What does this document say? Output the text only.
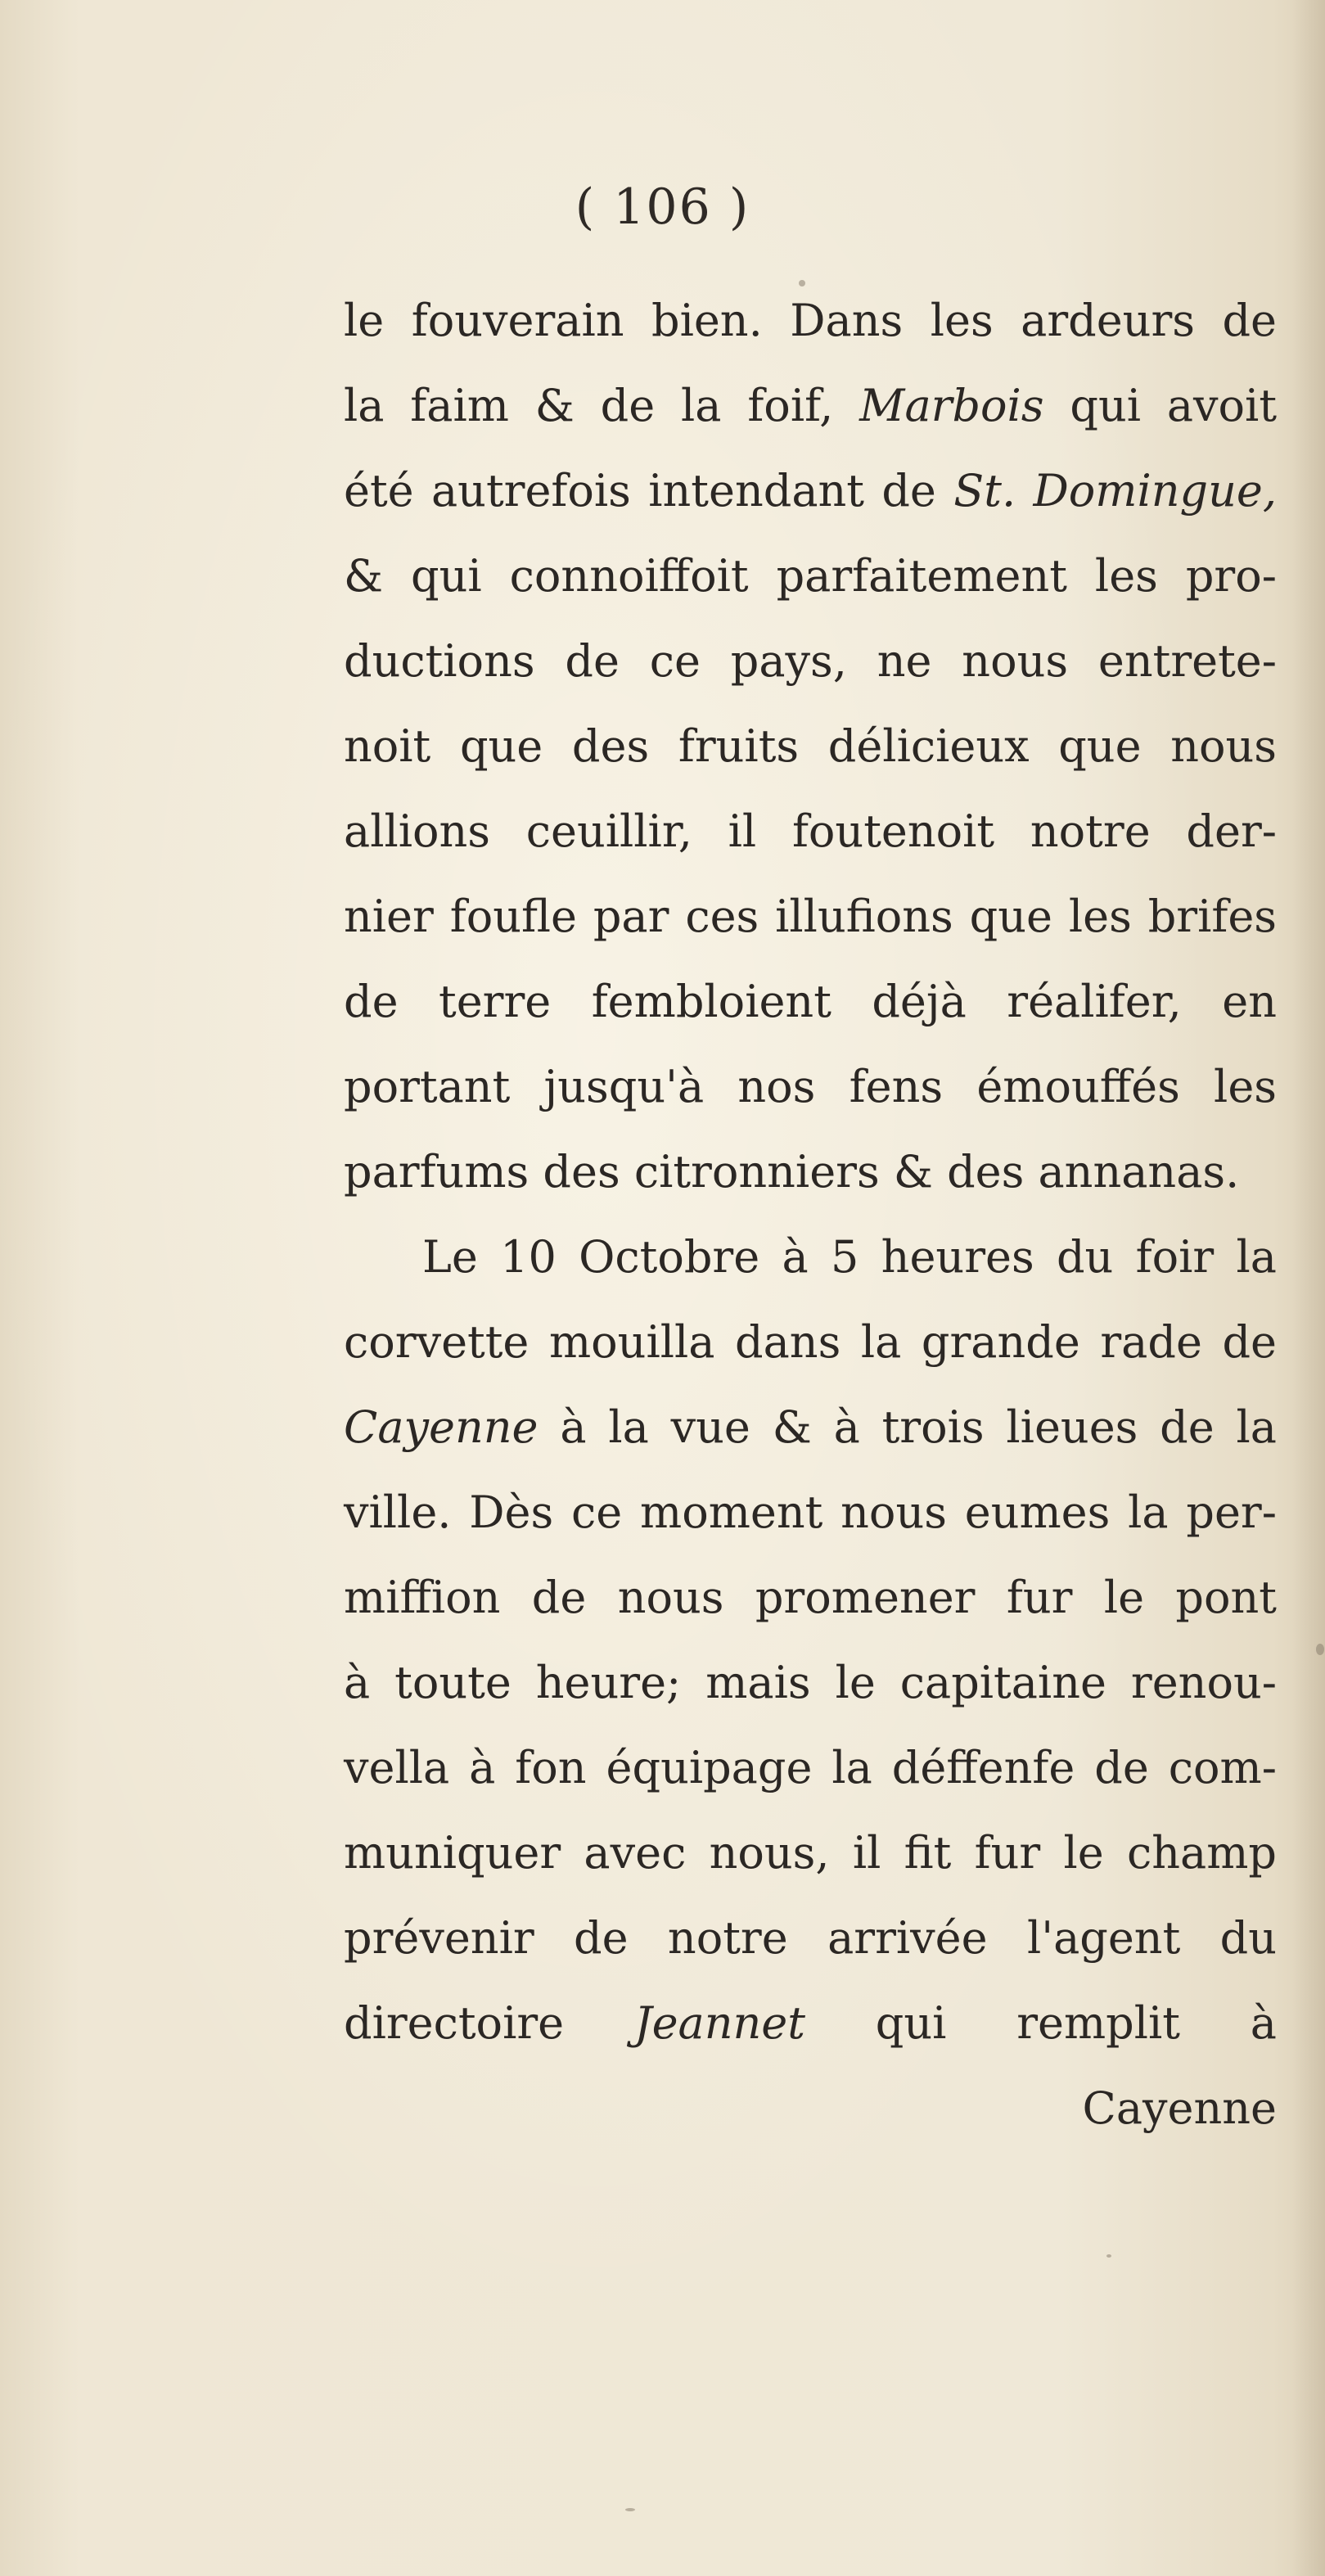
( 106 )
le fouverain bien. Dans les ardeurs de
la faim & de la foif, Marbois qui avoit
été autrefois intendant de St. Domingue,
& qui connoiffoit parfaitement les pro-
ductions de ce pays, ne nous entrete-
noit que des fruits délicieux que nous
allions ceuillir, il foutenoit notre der-
nier foufle par ces illufions que les brifes
de terre fembloient déjà réalifer, en
portant jusqu'à nos fens émouffés les
parfums des citronniers & des annanas.
Le 10 Octobre à 5 heures du foir la
corvette mouilla dans la grande rade de
Cayenne à la vue & à trois lieues de la
ville. Dès ce moment nous eumes la per-
miffion de nous promener fur le pont
à toute heure; mais le capitaine renou-
vella à fon équipage la déffenfe de com-
muniquer avec nous, il fit fur le champ
prévenir de notre arrivée l'agent du
directoire Jeannet qui remplit à
Cayenne
